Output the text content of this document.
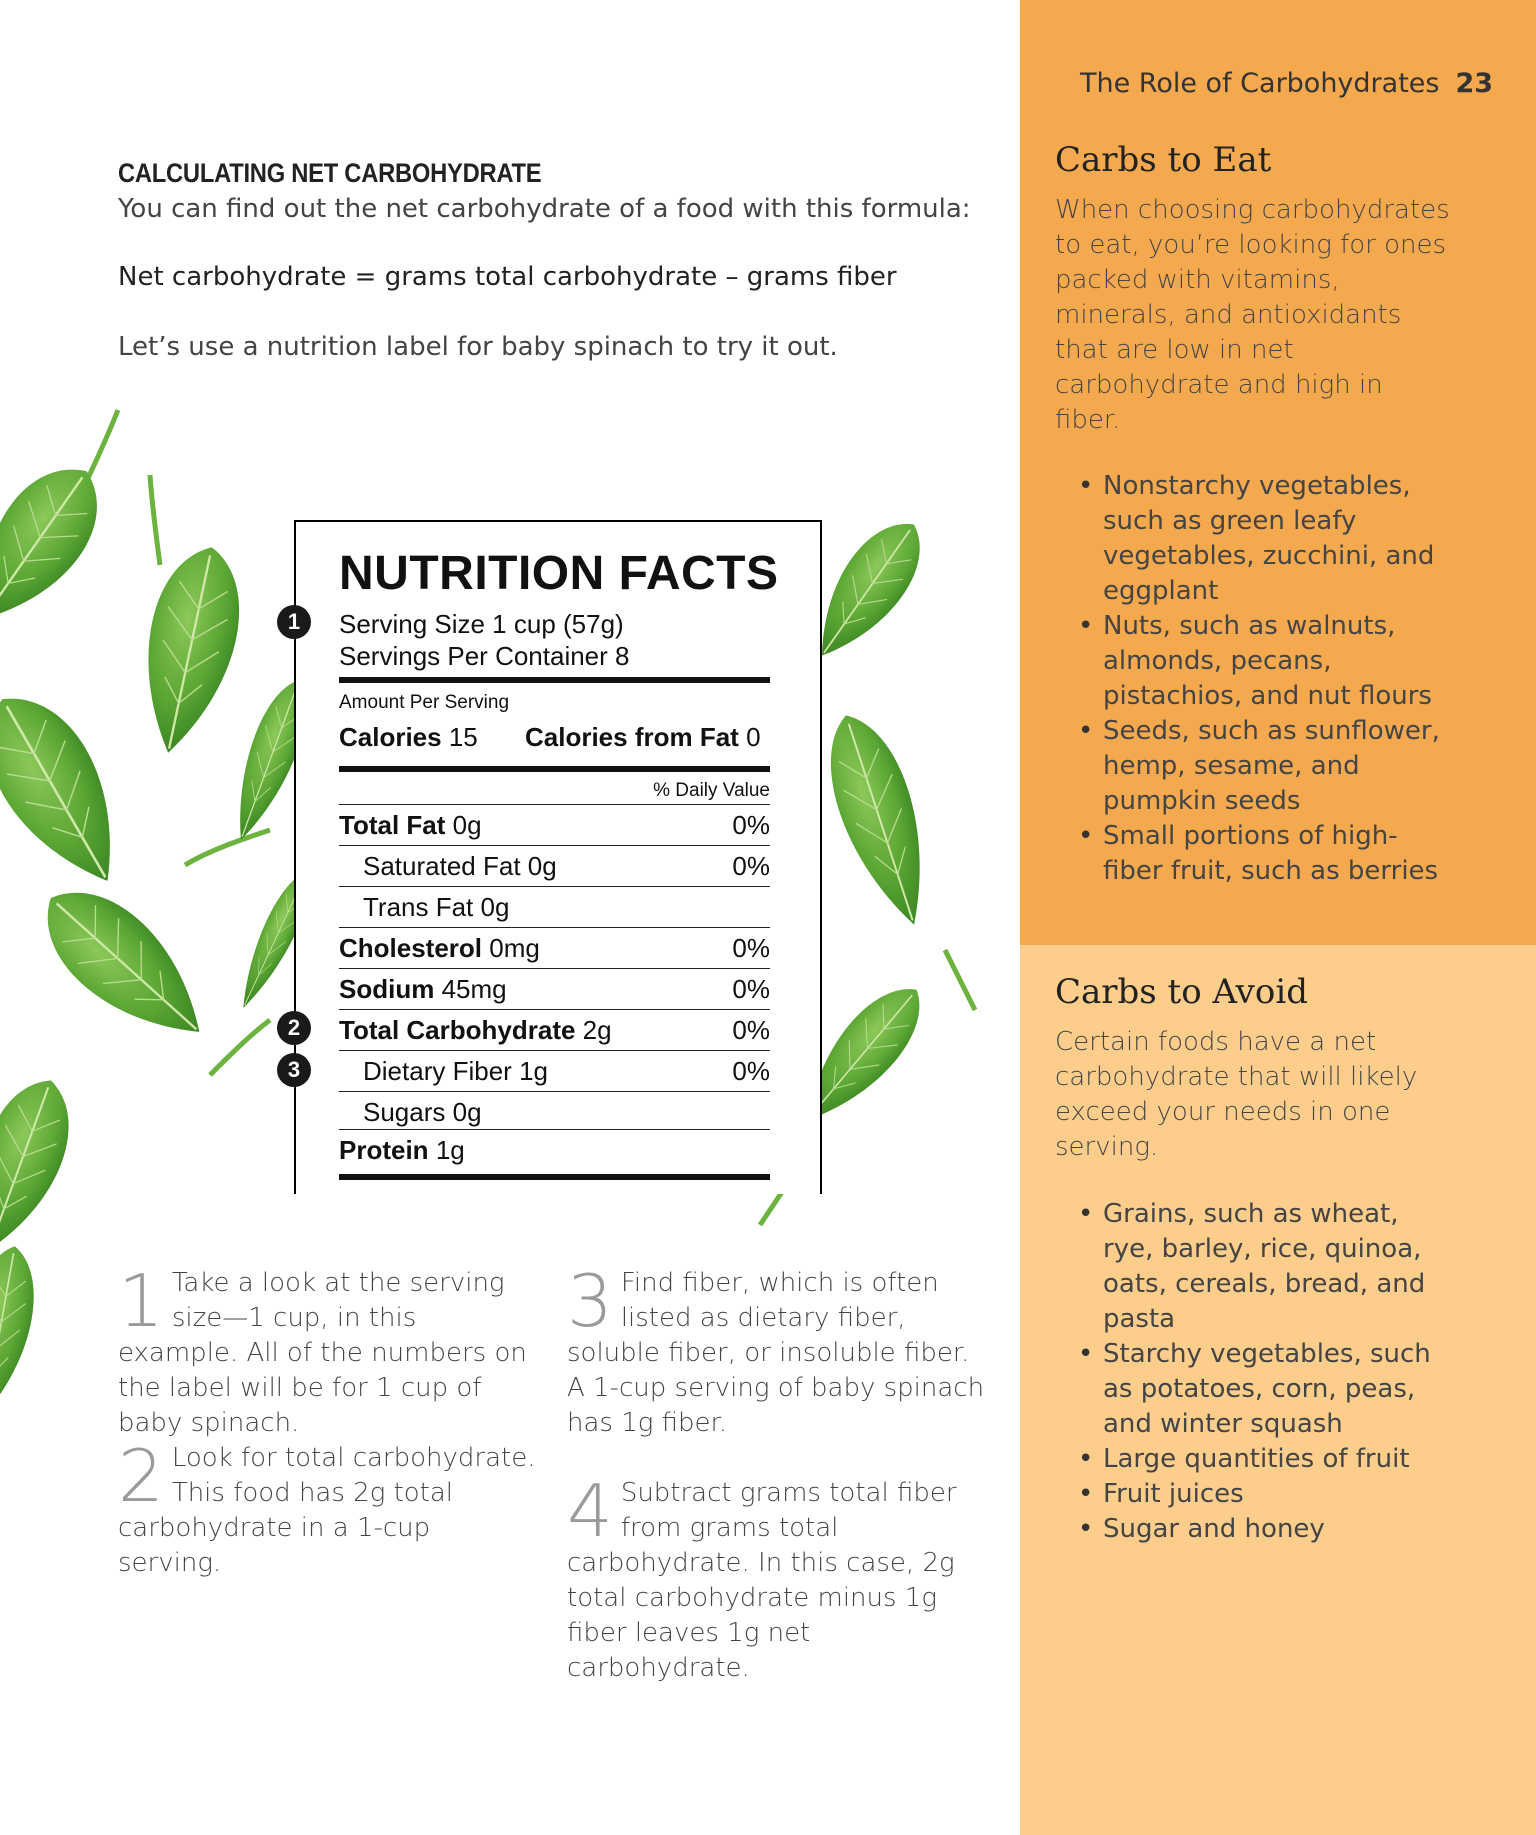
The Role of Carbohydrates 23
Carbs to Eat
When choosing carbohydrates to eat, you’re looking for ones packed with vitamins, minerals, and antioxidants that are low in net carbohydrate and high in fiber.
• Nonstarchy vegetables, such as green leafy vegetables, zucchini, and eggplant
• Nuts, such as walnuts, almonds, pecans, pistachios, and nut flours
• Seeds, such as sunflower, hemp, sesame, and pumpkin seeds
• Small portions of high-fiber fruit, such as berries
Carbs to Avoid
Certain foods have a net carbohydrate that will likely exceed your needs in one serving.
• Grains, such as wheat, rye, barley, rice, quinoa, oats, cereals, bread, and pasta
• Starchy vegetables, such as potatoes, corn, peas, and winter squash
• Large quantities of fruit
• Fruit juices
• Sugar and honey
CALCULATING NET CARBOHYDRATE
You can find out the net carbohydrate of a food with this formula:
Net carbohydrate = grams total carbohydrate – grams fiber
Let’s use a nutrition label for baby spinach to try it out.
NUTRITION FACTS
Serving Size 1 cup (57g)
Servings Per Container 8
Amount Per Serving
Calories 15 Calories from Fat 0
% Daily Value
Total Fat 0g	0%
Saturated Fat 0g	0%
Trans Fat 0g
Cholesterol 0mg	0%
Sodium 45mg	0%
Total Carbohydrate 2g	0%
Dietary Fiber 1g	0%
Sugars 0g
Protein 1g
1
2
3
1 Take a look at the serving size—1 cup, in this example. All of the numbers on the label will be for 1 cup of baby spinach.
2 Look for total carbohydrate. This food has 2g total carbohydrate in a 1-cup serving.
3 Find fiber, which is often listed as dietary fiber, soluble fiber, or insoluble fiber. A 1-cup serving of baby spinach has 1g fiber.
4 Subtract grams total fiber from grams total carbohydrate. In this case, 2g total carbohydrate minus 1g fiber leaves 1g net carbohydrate.
